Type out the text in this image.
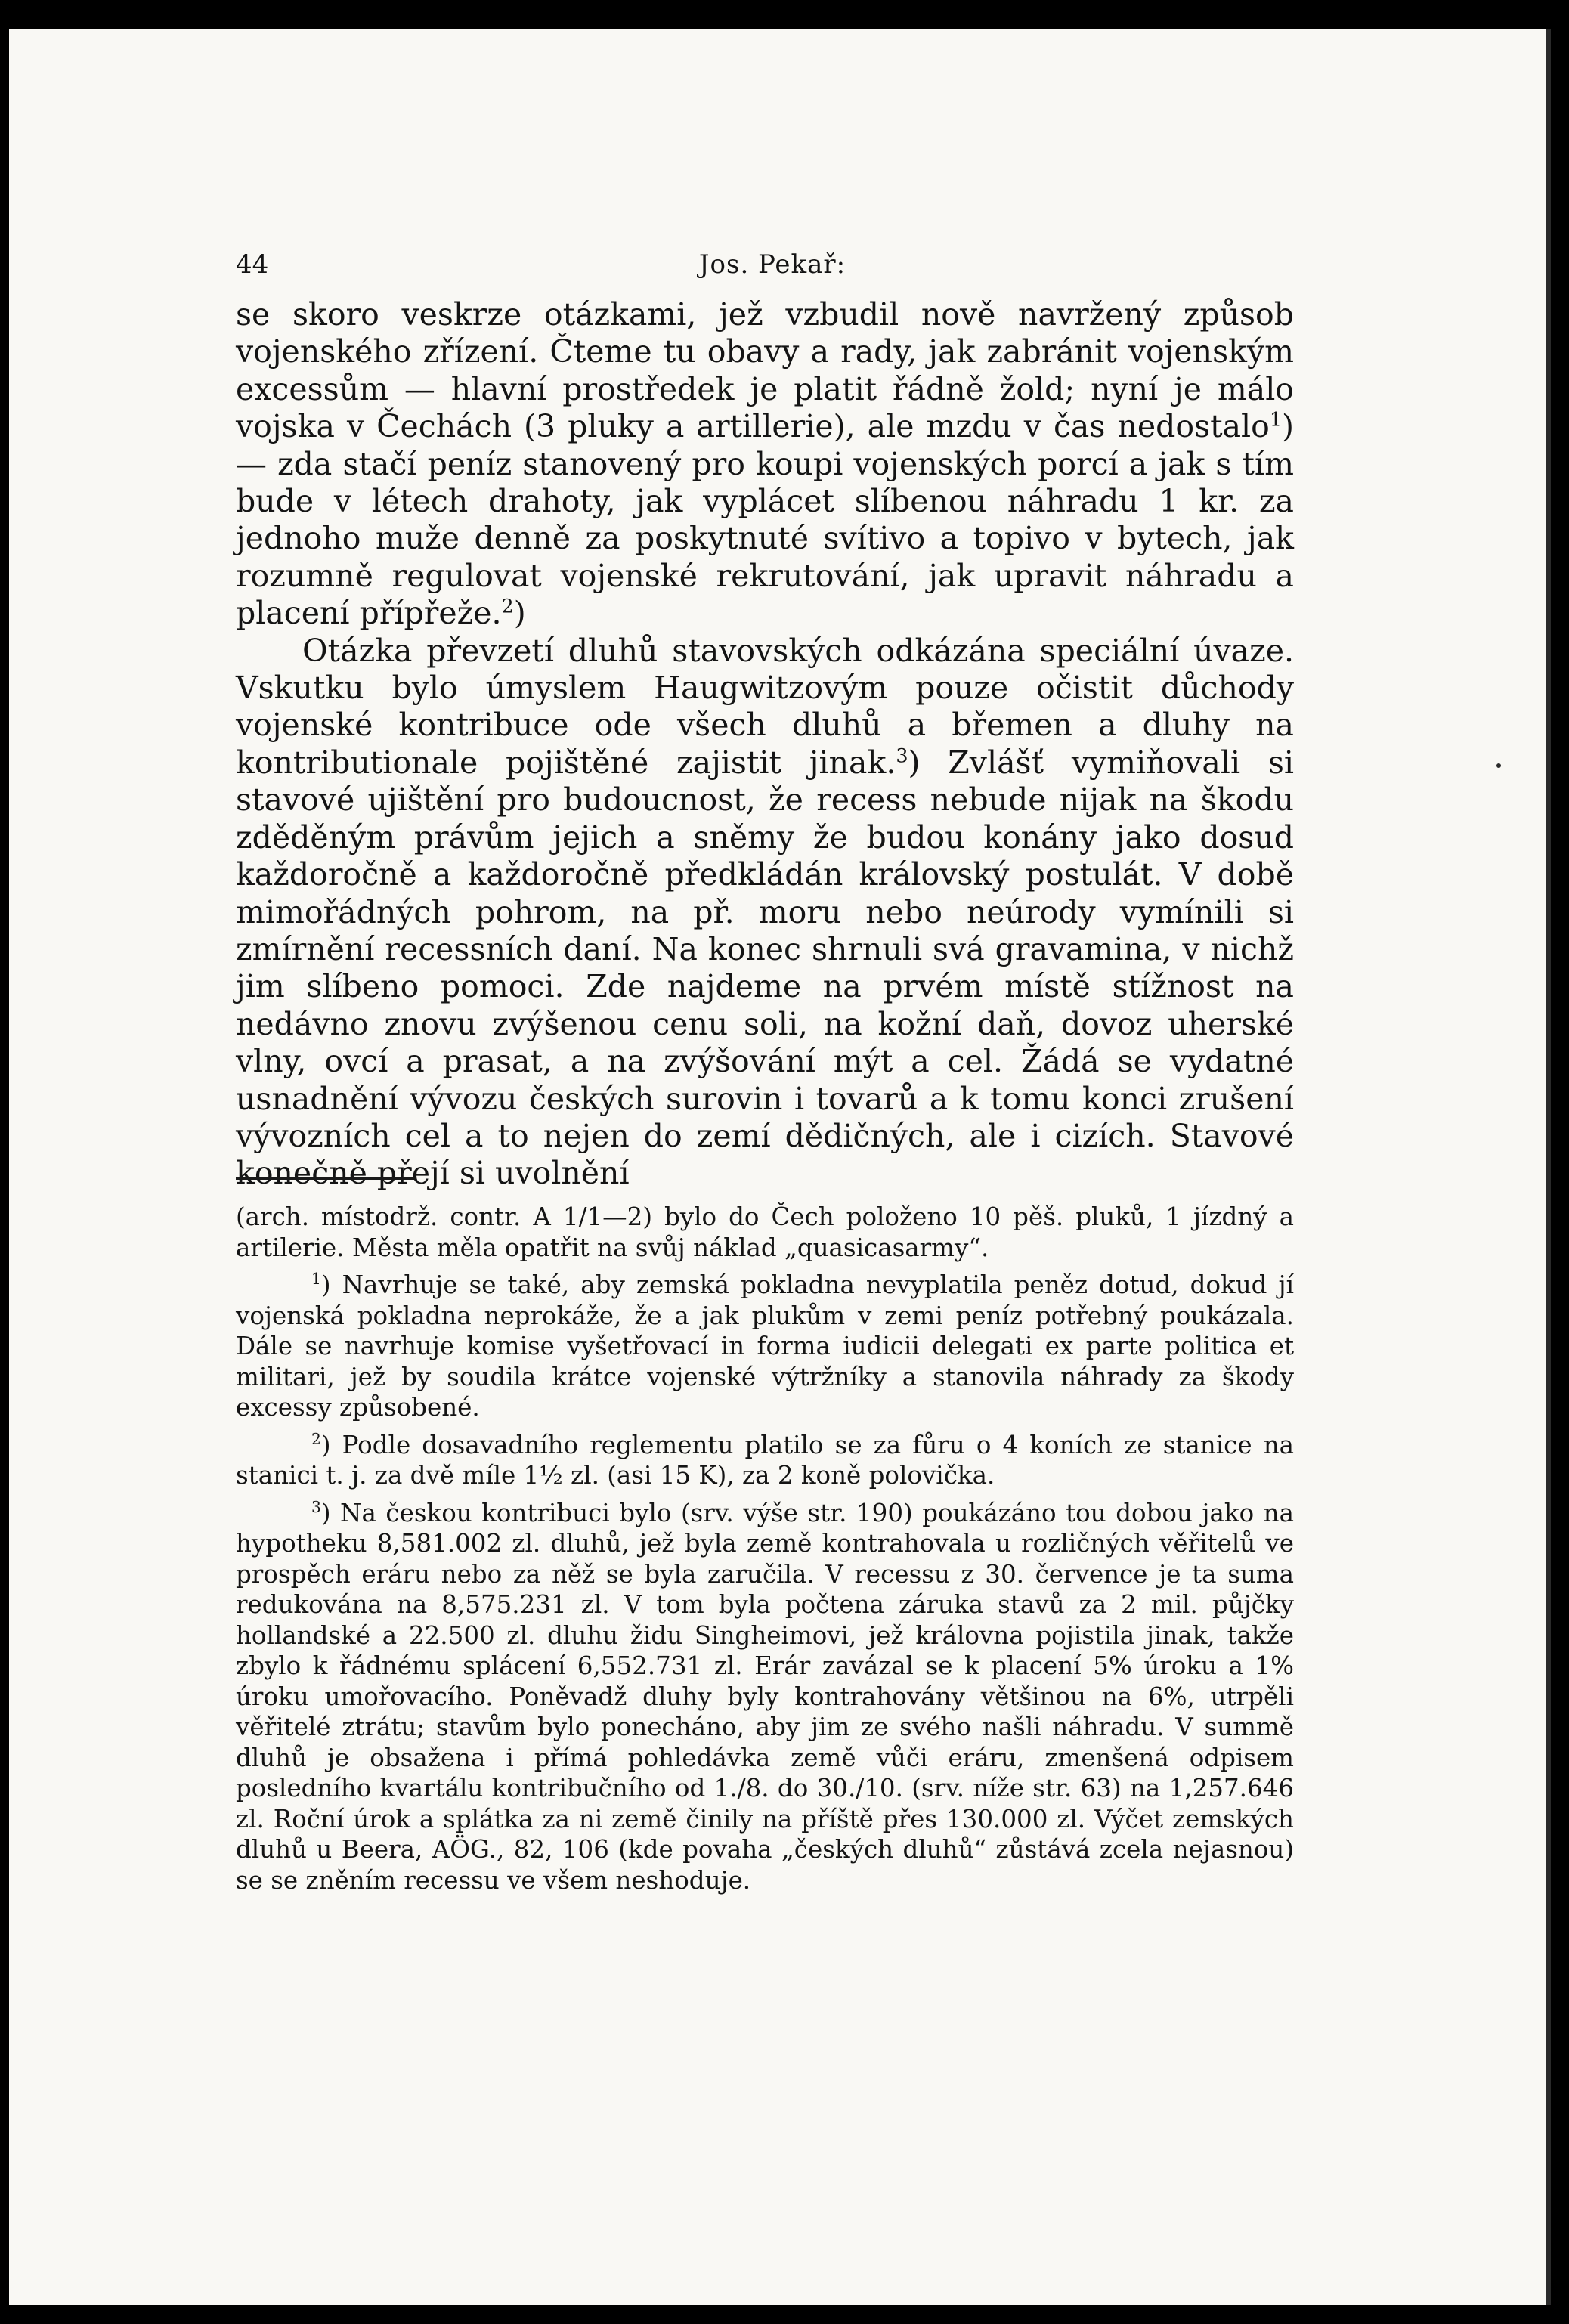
44	Jos. Pekař:

se skoro veskrze otázkami, jež vzbudil nově navržený způsob vojenského zřízení. Čteme tu obavy a rady, jak zabránit vojenským excessům — hlavní prostředek je platit řádně žold; nyní je málo vojska v Čechách (3 pluky a artillerie), ale mzdu v čas nedostalo$^1$) — zda stačí peníz stanovený pro koupi vojenských porcí a jak s tím bude v létech drahoty, jak vyplácet slíbenou náhradu 1 kr. za jednoho muže denně za poskytnuté svítivo a topivo v bytech, jak rozumně regulovat vojenské rekrutování, jak upravit náhradu a placení přípřeže.$^2$)

Otázka převzetí dluhů stavovských odkázána speciální úvaze. Vskutku bylo úmyslem Haugwitzovým pouze očistit důchody vojenské kontribuce ode všech dluhů a břemen a dluhy na kontributionale pojištěné zajistit jinak.$^3$) Zvlášť vymiňovali si stavové ujištění pro budoucnost, že recess nebude nijak na škodu zděděným právům jejich a sněmy že budou konány jako dosud každoročně a každoročně předkládán královský postulát. V době mimořádných pohrom, na př. moru nebo neúrody vymínili si zmírnění recessních daní. Na konec shrnuli svá gravamina, v nichž jim slíbeno pomoci. Zde najdeme na prvém místě stížnost na nedávno znovu zvýšenou cenu soli, na kožní daň, dovoz uherské vlny, ovcí a prasat, a na zvýšování mýt a cel. Žádá se vydatné usnadnění vývozu českých surovin i tovarů a k tomu konci zrušení vývozních cel a to nejen do zemí dědičných, ale i cizích. Stavové konečně přejí si uvolnění

(arch. místodrž. contr. A 1/1—2) bylo do Čech položeno 10 pěš. pluků, 1 jízdný a artilerie. Města měla opatřit na svůj náklad „quasicasarmy“.

$^1$) Navrhuje se také, aby zemská pokladna nevyplatila peněz dotud, dokud jí vojenská pokladna neprokáže, že a jak plukům v zemi peníz potřebný poukázala. Dále se navrhuje komise vyšetřovací in forma iudicii delegati ex parte politica et militari, jež by soudila krátce vojenské výtržníky a stanovila náhrady za škody excessy způsobené.

$^2$) Podle dosavadního reglementu platilo se za fůru o 4 koních ze stanice na stanici t. j. za dvě míle 1½ zl. (asi 15 K), za 2 koně polovička.

$^3$) Na českou kontribuci bylo (srv. výše str. 190) poukázáno tou dobou jako na hypotheku 8,581.002 zl. dluhů, jež byla země kontrahovala u rozličných věřitelů ve prospěch eráru nebo za něž se byla zaručila. V recessu z 30. července je ta suma redukována na 8,575.231 zl. V tom byla počtena záruka stavů za 2 mil. půjčky hollandské a 22.500 zl. dluhu židu Singheimovi, jež královna pojistila jinak, takže zbylo k řádnému splácení 6,552.731 zl. Erár zavázal se k placení 5% úroku a 1% úroku umořovacího. Poněvadž dluhy byly kontrahovány většinou na 6%, utrpěli věřitelé ztrátu; stavům bylo ponecháno, aby jim ze svého našli náhradu. V summě dluhů je obsažena i přímá pohledávka země vůči eráru, zmenšená odpisem posledního kvartálu kontribučního od 1./8. do 30./10. (srv. níže str. 63) na 1,257.646 zl. Roční úrok a splátka za ni země činily na příště přes 130.000 zl. Výčet zemských dluhů u Beera, AÖG., 82, 106 (kde povaha „českých dluhů“ zůstává zcela nejasnou) se se zněním recessu ve všem neshoduje.
